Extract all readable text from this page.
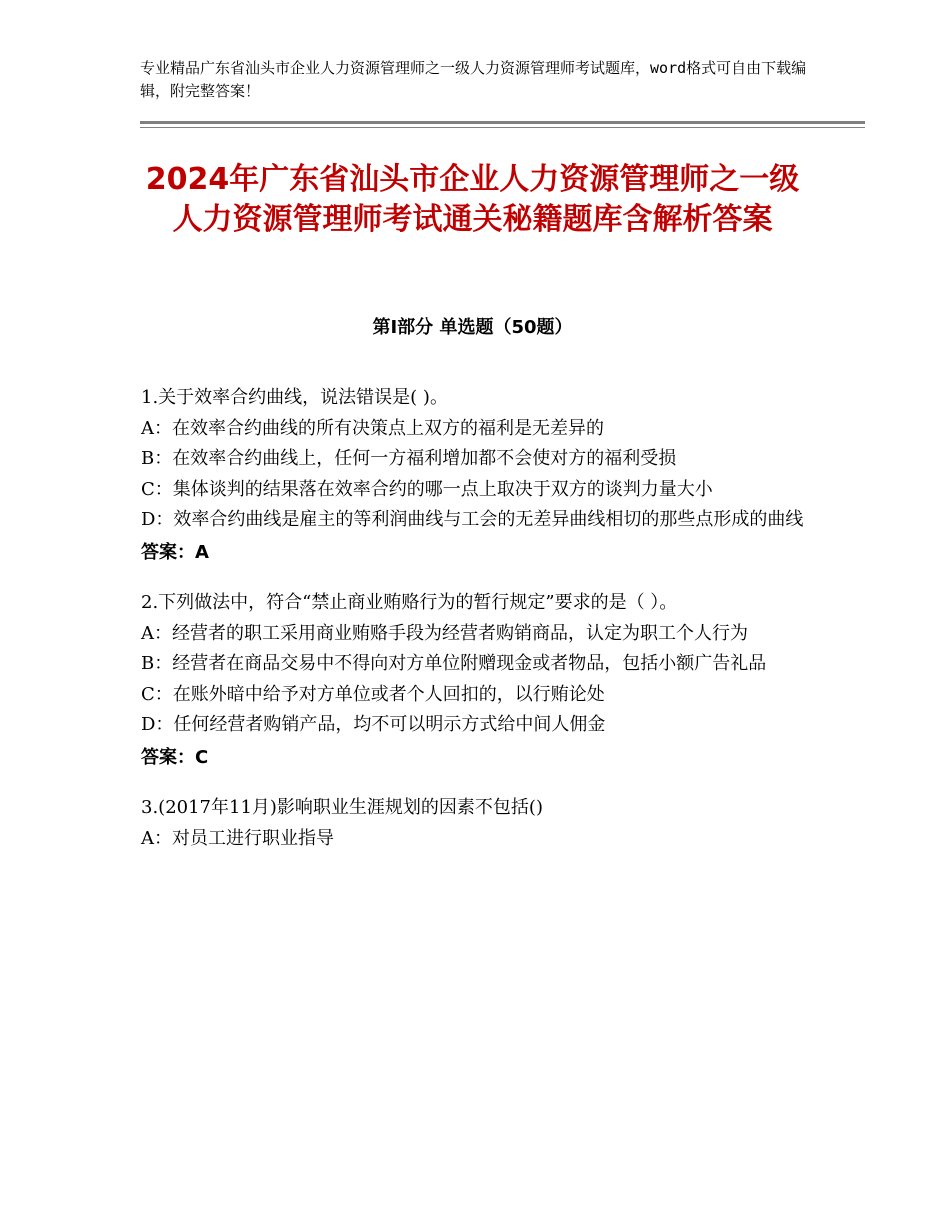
专业精品广东省汕头市企业人力资源管理师之一级人力资源管理师考试题库，word格式可自由下载编辑，附完整答案！
2024年广东省汕头市企业人力资源管理师之一级人力资源管理师考试通关秘籍题库含解析答案
第Ⅰ部分 单选题（50题）

1.关于效率合约曲线，说法错误是( )。

A：在效率合约曲线的所有决策点上双方的福利是无差异的

B：在效率合约曲线上，任何一方福利增加都不会使对方的福利受损

C：集体谈判的结果落在效率合约的哪一点上取决于双方的谈判力量大小

D：效率合约曲线是雇主的等利润曲线与工会的无差异曲线相切的那些点形成的曲线

答案：A

2.下列做法中，符合“禁止商业贿赂行为的暂行规定”要求的是（ ）。

A：经营者的职工采用商业贿赂手段为经营者购销商品，认定为职工个人行为

B：经营者在商品交易中不得向对方单位附赠现金或者物品，包括小额广告礼品

C：在账外暗中给予对方单位或者个人回扣的，以行贿论处

D：任何经营者购销产品，均不可以明示方式给中间人佣金

答案：C

3.(2017年11月)影响职业生涯规划的因素不包括()

A：对员工进行职业指导
